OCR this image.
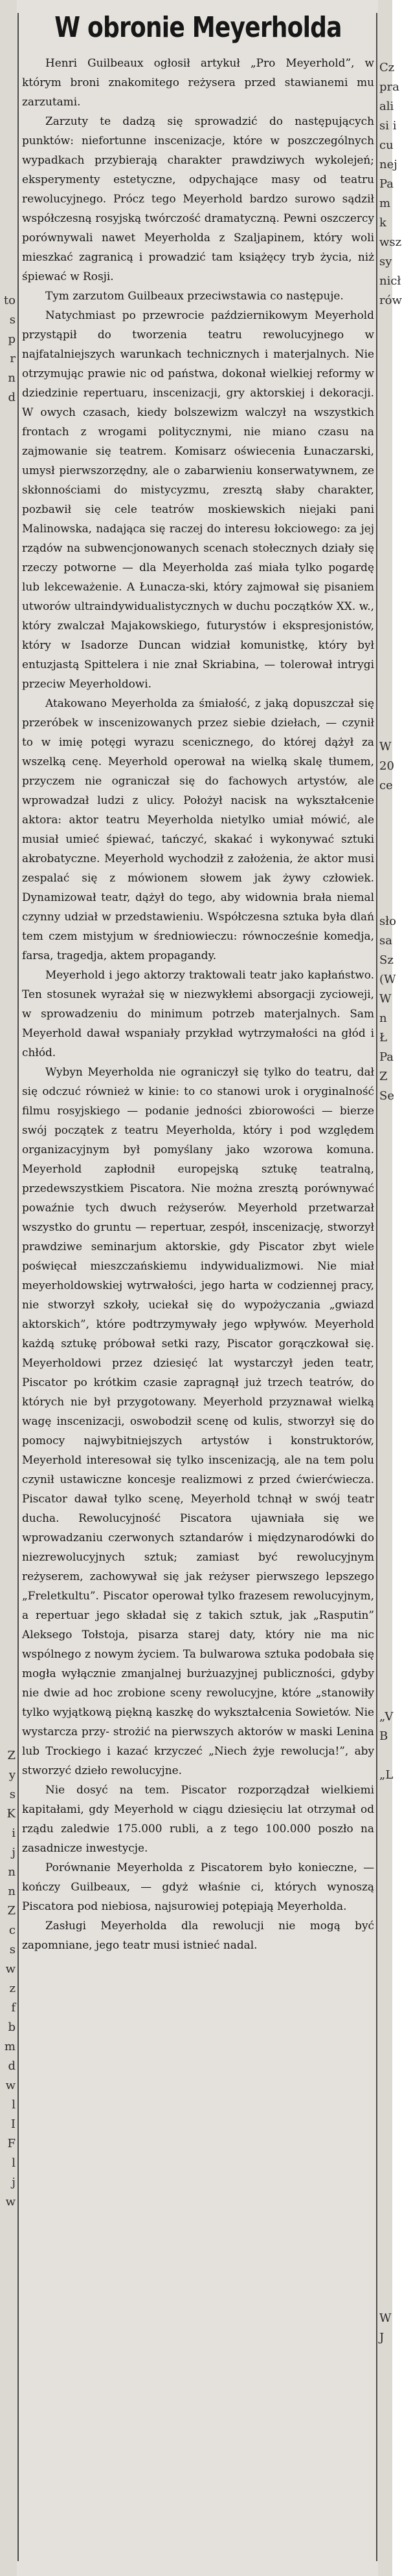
to
s
p
r
n
d

Z
y
s
K
i
j
n
n
Z
c
s
w
z
f
b
m
d
w
l
I
F
l
j
w
W obronie Meyerholda

Henri Guilbeaux ogłosił artykuł „Pro Meyerhold”, w którym broni znakomitego reżysera przed stawianemi mu zarzutami.

Zarzuty te dadzą się sprowadzić do następujących punktów: niefortunne inscenizacje, które w poszczególnych wypadkach przybierają charakter prawdziwych wykolejeń; eksperymenty estetyczne, odpychające masy od teatru rewolucyjnego. Prócz tego Meyerhold bardzo surowo sądził współczesną rosyjską twórczość dramatyczną. Pewni oszczercy porównywali nawet Meyerholda z Szaljapinem, który woli mieszkać zagranicą i prowadzić tam książęcy tryb życia, niż śpiewać w Rosji.

Tym zarzutom Guilbeaux przeciwstawia co następuje.

Natychmiast po przewrocie październikowym Meyerhold przystąpił do tworzenia teatru rewolucyjnego w najfatalniejszych warunkach technicznych i materjalnych. Nie otrzymując prawie nic od państwa, dokonał wielkiej reformy w dziedzinie repertuaru, inscenizacji, gry aktorskiej i dekoracji. W owych czasach, kiedy bolszewizm walczył na wszystkich frontach z wrogami politycznymi, nie miano czasu na zajmowanie się teatrem. Komisarz oświecenia Łunaczarski, umysł pierwszorzędny, ale o zabarwieniu konserwatywnem, ze skłonnościami do mistycyzmu, zresztą słaby charakter, pozbawił się cele teatrów moskiewskich niejaki pani Malinowska, nadająca się raczej do interesu łokciowego: za jej rządów na subwencjonowanych scenach stołecznych działy się rzeczy potworne — dla Meyerholda zaś miała tylko pogardę lub lekceważenie. A Łunacza-ski, który zajmował się pisaniem utworów ultraindywidualistycznych w duchu początków XX. w., który zwalczał Majakowskiego, futurystów i ekspresjonistów, który w Isadorze Duncan widział komunistkę, który był entuzjastą Spittelera i nie znał Skriabina, — tolerował intrygi przeciw Meyerholdowi.

Atakowano Meyerholda za śmiałość, z jaką dopuszczał się przeróbek w inscenizowanych przez siebie dziełach, — czynił to w imię potęgi wyrazu scenicznego, do której dążył za wszelką cenę. Meyerhold operował na wielką skalę tłumem, przyczem nie ograniczał się do fachowych artystów, ale wprowadzał ludzi z ulicy. Położył nacisk na wykształcenie aktora: aktor teatru Meyerholda nietylko umiał mówić, ale musiał umieć śpiewać, tańczyć, skakać i wykonywać sztuki akrobatyczne. Meyerhold wychodził z założenia, że aktor musi zespalać się z mówionem słowem jak żywy człowiek. Dynamizował teatr, dążył do tego, aby widownia brała niemal czynny udział w przedstawieniu. Współczesna sztuka była dlań tem czem mistyjum w średniowieczu: równocześnie komedja, farsa, tragedja, aktem propagandy.

Meyerhold i jego aktorzy traktowali teatr jako kapłaństwo. Ten stosunek wyrażał się w niezwykłemi absorgacji zycioweji, w sprowadzeniu do minimum potrzeb materjalnych. Sam Meyerhold dawał wspaniały przykład wytrzymałości na głód i chłód.

Wybyn Meyerholda nie ograniczył się tylko do teatru, dał się odczuć również w kinie: to co stanowi urok i oryginalność filmu rosyjskiego — podanie jedności zbiorowości — bierze swój początek z teatru Meyerholda, który i pod względem organizacyjnym był pomyślany jako wzorowa komuna. Meyerhold zapłodnił europejską sztukę teatralną, przedewszystkiem Piscatora. Nie można zresztą porównywać powaźnie tych dwuch reżyserów. Meyerhold przetwarzał wszystko do gruntu — repertuar, zespół, inscenizację, stworzył prawdziwe seminarjum aktorskie, gdy Piscator zbyt wiele poświęcał mieszczańskiemu indywidualizmowi. Nie miał meyerholdowskiej wytrwałości, jego harta w codziennej pracy, nie stworzył szkoły, uciekał się do wypożyczania „gwiazd aktorskich”, które podtrzymywały jego wpływów. Meyerhold każdą sztukę próbował setki razy, Piscator gorączkował się. Meyerholdowi przez dziesięć lat wystarczył jeden teatr, Piscator po krótkim czasie zapragnął już trzech teatrów, do których nie był przygotowany. Meyerhold przyznawał wielką wagę inscenizacji, oswobodził scenę od kulis, stworzył się do pomocy najwybitniejszych artystów i konstruktorów, Meyerhold interesował się tylko inscenizacją, ale na tem polu czynił ustawiczne koncesje realizmowi z przed ćwierćwiecza. Piscator dawał tylko scenę, Meyerhold tchnął w swój teatr ducha. Rewolucyjność Piscatora ujawniała się we wprowadzaniu czerwonych sztandarów i międzynarodówki do niezrewolucyjnych sztuk; zamiast być rewolucyjnym reżyserem, zachowywał się jak reżyser pierwszego lepszego „Freletkultu”. Piscator operował tylko frazesem rewolucyjnym, a repertuar jego składał się z takich sztuk, jak „Rasputin” Aleksego Tołstoja, pisarza starej daty, który nie ma nic wspólnego z nowym życiem. Ta bulwarowa sztuka podobała się mogła wyłącznie zmanjalnej burżuazyjnej publiczności, gdyby nie dwie ad hoc zrobione sceny rewolucyjne, które „stanowiły tylko wyjątkową piękną kaszkę do wykształcenia Sowietów. Nie wystarcza przy- strożić na pierwszych aktorów w maski Lenina lub Trockiego i kazać krzyczeć „Niech żyje rewolucja!”, aby stworzyć dzieło rewolucyjne.

Nie dosyć na tem. Piscator rozporządzał wielkiemi kapitałami, gdy Meyerhold w ciągu dziesięciu lat otrzymał od rządu zaledwie 175.000 rubli, a z tego 100.000 poszło na zasadnicze inwestycje.

Porównanie Meyerholda z Piscatorem było konieczne, — kończy Guilbeaux, — gdyż właśnie ci, których wynoszą Piscatora pod niebiosa, najsurowiej potępiają Meyerholda.

Zasługi Meyerholda dla rewolucji nie mogą być zapomniane, jego teatr musi istnieć nadal.

Cz
pra
ali
si i
cu
nej
Pa
m
k
wsz
sy
nicł
rów

W
20
ce

sło
sa
Sz
(W
W
n
Ł
Pa
Z
Se

„V
B

„L

W
J
